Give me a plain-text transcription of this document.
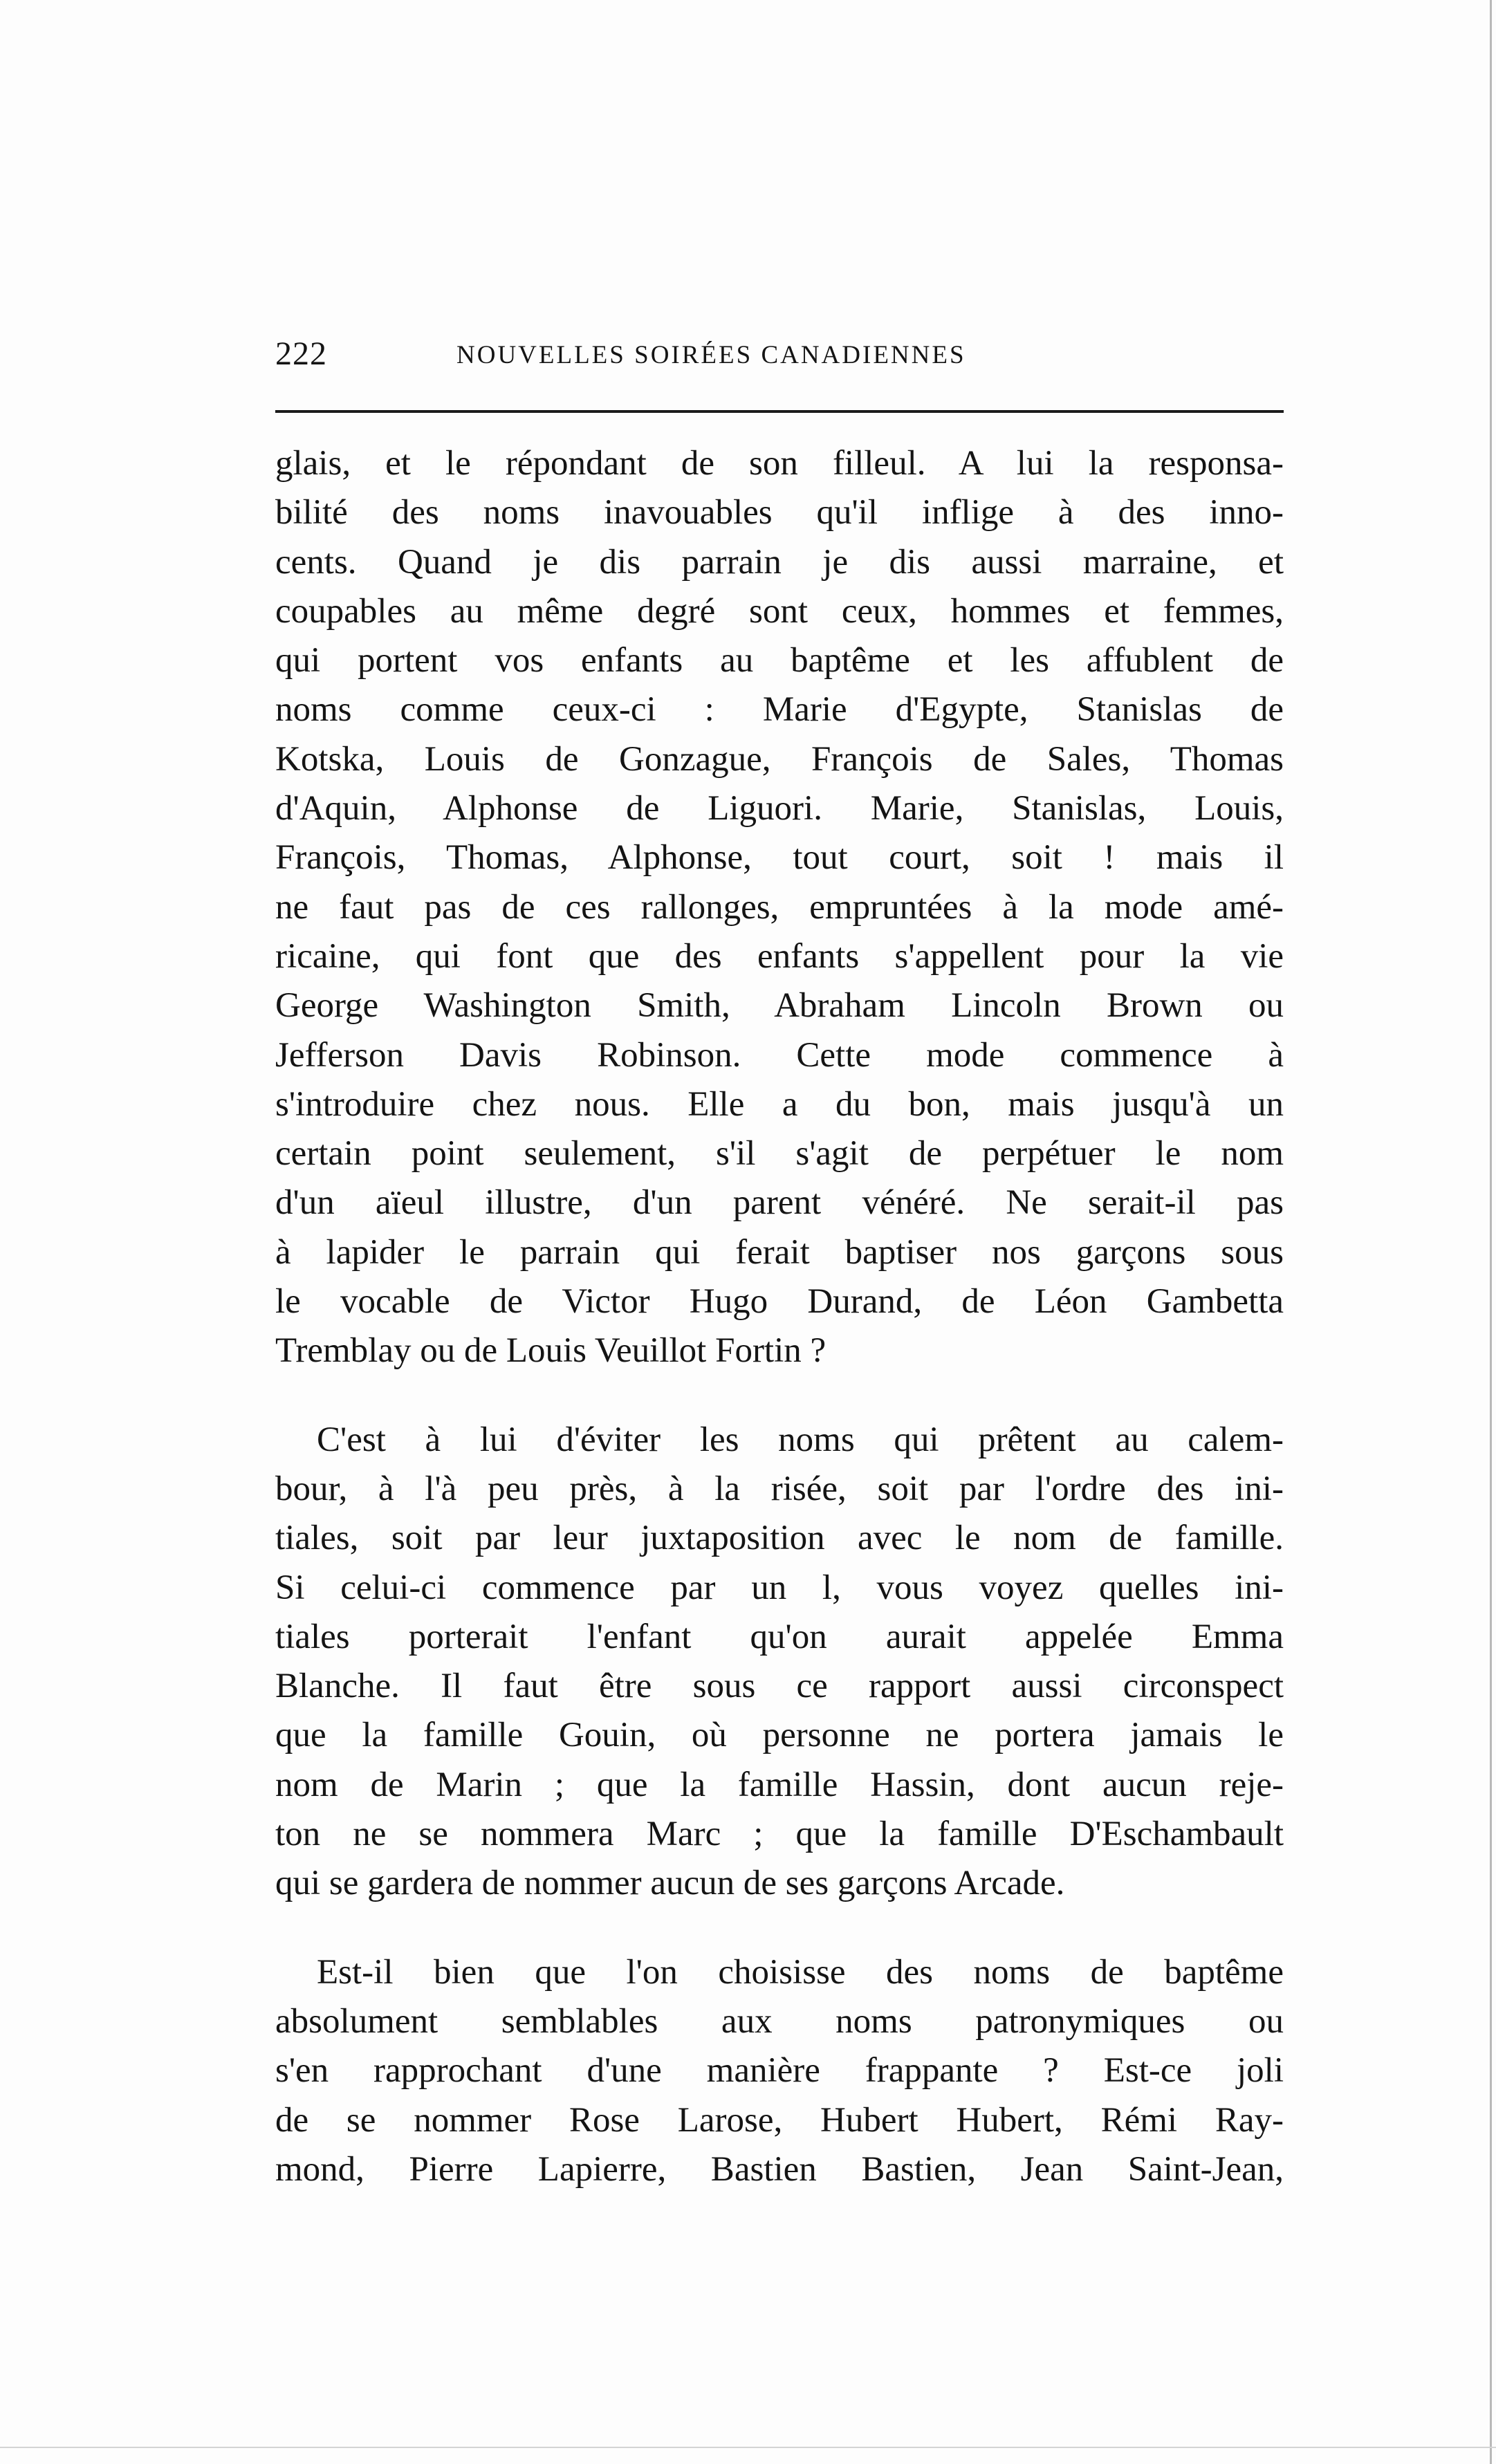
222	NOUVELLES SOIRÉES CANADIENNES
glais, et le répondant de son filleul. A lui la responsa-
bilité des noms inavouables qu'il inflige à des inno-
cents. Quand je dis parrain je dis aussi marraine, et
coupables au même degré sont ceux, hommes et femmes,
qui portent vos enfants au baptême et les affublent de
noms comme ceux-ci : Marie d'Egypte, Stanislas de
Kotska, Louis de Gonzague, François de Sales, Thomas
d'Aquin, Alphonse de Liguori. Marie, Stanislas, Louis,
François, Thomas, Alphonse, tout court, soit ! mais il
ne faut pas de ces rallonges, empruntées à la mode amé-
ricaine, qui font que des enfants s'appellent pour la vie
George Washington Smith, Abraham Lincoln Brown ou
Jefferson Davis Robinson. Cette mode commence à
s'introduire chez nous. Elle a du bon, mais jusqu'à un
certain point seulement, s'il s'agit de perpétuer le nom
d'un aïeul illustre, d'un parent vénéré. Ne serait-il pas
à lapider le parrain qui ferait baptiser nos garçons sous
le vocable de Victor Hugo Durand, de Léon Gambetta
Tremblay ou de Louis Veuillot Fortin ?
C'est à lui d'éviter les noms qui prêtent au calem-
bour, à l'à peu près, à la risée, soit par l'ordre des ini-
tiales, soit par leur juxtaposition avec le nom de famille.
Si celui-ci commence par un l, vous voyez quelles ini-
tiales porterait l'enfant qu'on aurait appelée Emma
Blanche. Il faut être sous ce rapport aussi circonspect
que la famille Gouin, où personne ne portera jamais le
nom de Marin ; que la famille Hassin, dont aucun reje-
ton ne se nommera Marc ; que la famille D'Eschambault
qui se gardera de nommer aucun de ses garçons Arcade.
Est-il bien que l'on choisisse des noms de baptême
absolument semblables aux noms patronymiques ou
s'en rapprochant d'une manière frappante ? Est-ce joli
de se nommer Rose Larose, Hubert Hubert, Rémi Ray-
mond, Pierre Lapierre, Bastien Bastien, Jean Saint-Jean,
